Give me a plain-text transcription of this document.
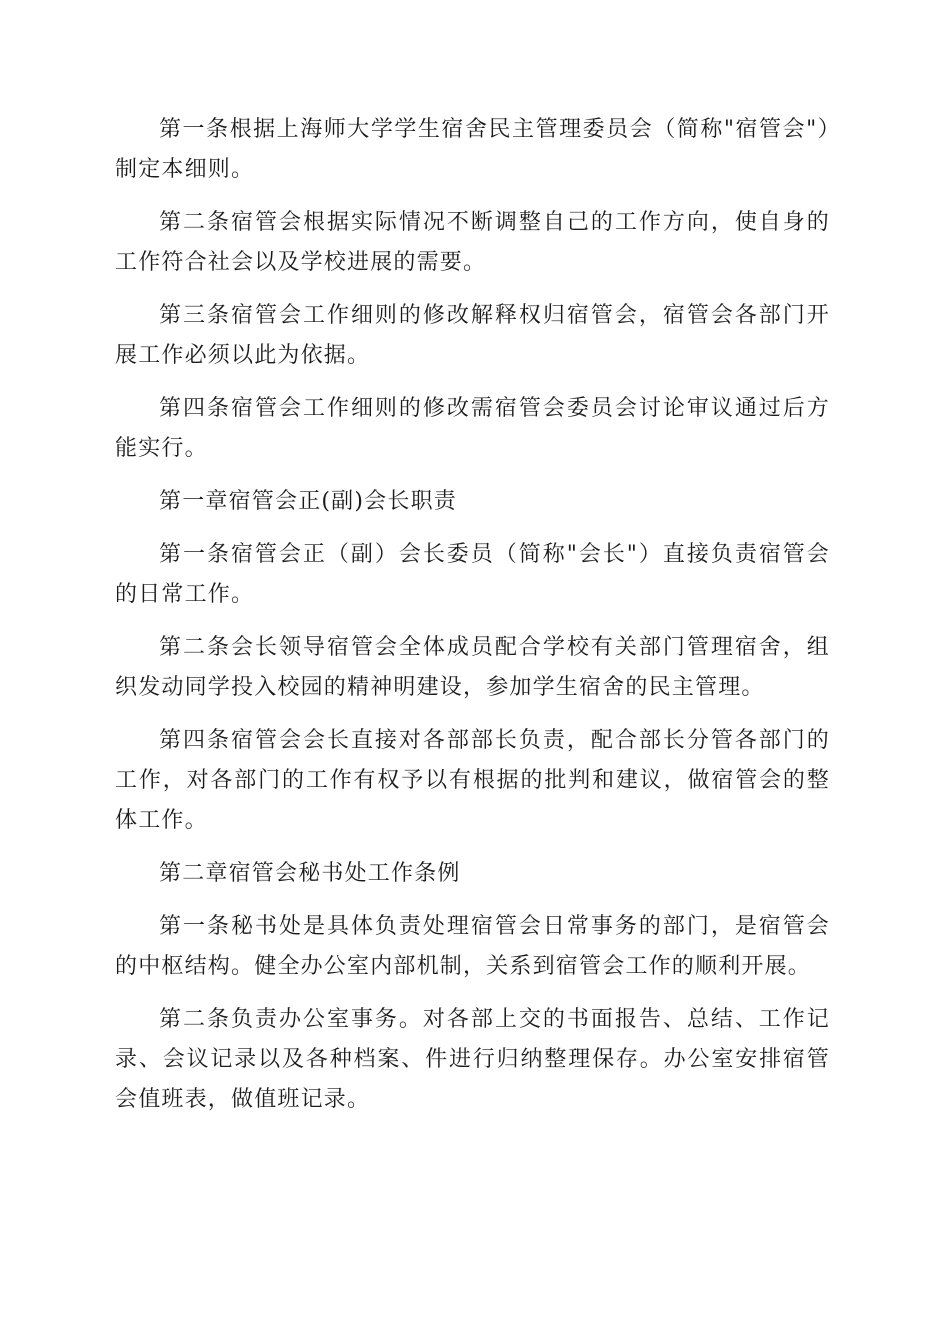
第一条根据上海师大学学生宿舍民主管理委员会（简称"宿管会"）制定本细则。

第二条宿管会根据实际情况不断调整自己的工作方向，使自身的工作符合社会以及学校进展的需要。

第三条宿管会工作细则的修改解释权归宿管会，宿管会各部门开展工作必须以此为依据。

第四条宿管会工作细则的修改需宿管会委员会讨论审议通过后方能实行。

第一章宿管会正(副)会长职责

第一条宿管会正（副）会长委员（简称"会长"）直接负责宿管会的日常工作。

第二条会长领导宿管会全体成员配合学校有关部门管理宿舍，组织发动同学投入校园的精神明建设，参加学生宿舍的民主管理。

第四条宿管会会长直接对各部部长负责，配合部长分管各部门的工作，对各部门的工作有权予以有根据的批判和建议，做宿管会的整体工作。

第二章宿管会秘书处工作条例

第一条秘书处是具体负责处理宿管会日常事务的部门，是宿管会的中枢结构。健全办公室内部机制，关系到宿管会工作的顺利开展。

第二条负责办公室事务。对各部上交的书面报告、总结、工作记录、会议记录以及各种档案、件进行归纳整理保存。办公室安排宿管会值班表，做值班记录。
